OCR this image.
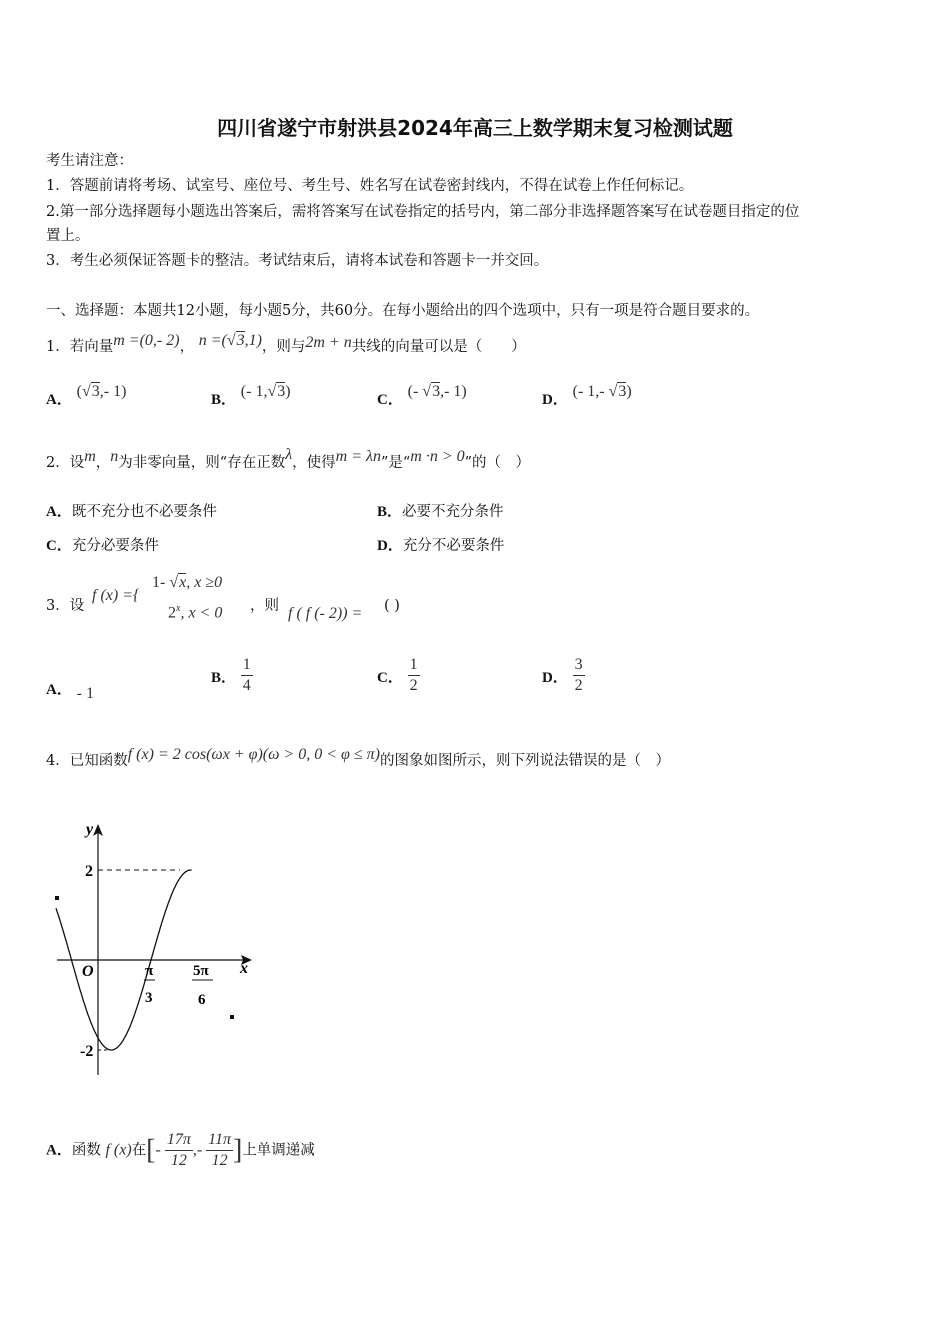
四川省遂宁市射洪县2024年高三上数学期末复习检测试题
考生请注意：
1．答题前请将考场、试室号、座位号、考生号、姓名写在试卷密封线内，不得在试卷上作任何标记。
2.第一部分选择题每小题选出答案后，需将答案写在试卷指定的括号内，第二部分非选择题答案写在试卷题目指定的位
置上。
3．考生必须保证答题卡的整洁。考试结束后，请将本试卷和答题卡一并交回。
一、选择题：本题共12小题，每小题5分，共60分。在每小题给出的四个选项中，只有一项是符合题目要求的。
1．若向量m =(0,- 2)， n =(√3,1)，则与2m + n共线的向量可以是（　　）
A． (√3,- 1)	B． (- 1,√3)	C． (- √3,- 1)	D． (- 1,- √3)
2．设m，n为非零向量，则“存在正数λ，使得m = λn”是“m ·n > 0”的（　）
A．既不充分也不必要条件	B．必要不充分条件
C．充分必要条件	D．充分不必要条件
3．设
f (x) ={
1- √x, x ≥0
2$^x$, x < 0 ，则 f ( f (- 2)) = ( )
A． - 1
B． $\frac{1}{4}$	C． $\frac{1}{2}$	D． $\frac{3}{2}$
4．已知函数f (x) = 2 cos(ωx + φ)(ω > 0, 0 < φ ≤ π)的图象如图所示，则下列说法错误的是（　）
y
x
O
2
-2
π
3
5π
6
A．函数 f (x)在[- $\frac{17\pi}{12}$ ,- $\frac{11\pi}{12}$ ]上单调递减
